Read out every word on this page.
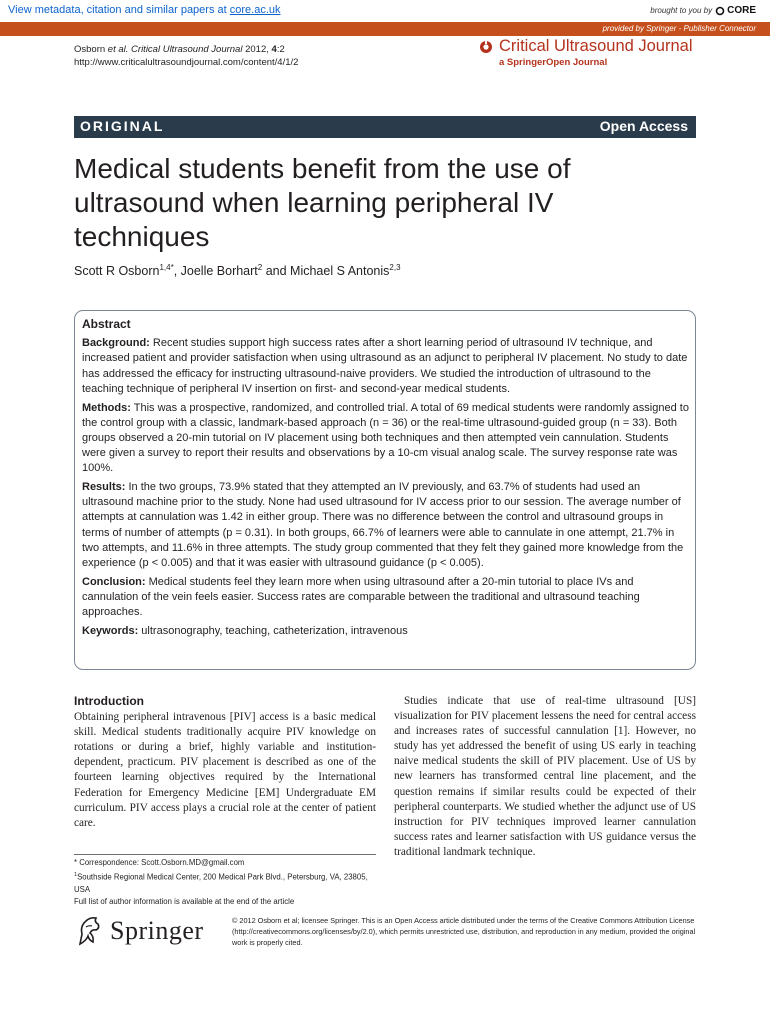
View metadata, citation and similar papers at core.ac.uk	brought to you by CORE
provided by Springer - Publisher Connector
Osborn et al. Critical Ultrasound Journal 2012, 4:2
http://www.criticalultrasoundjournal.com/content/4/1/2
Critical Ultrasound Journal
a SpringerOpen Journal
ORIGINAL	Open Access
Medical students benefit from the use of ultrasound when learning peripheral IV techniques
Scott R Osborn$^{1,4*}$, Joelle Borhart$^2$ and Michael S Antonis$^{2,3}$
Abstract

Background: Recent studies support high success rates after a short learning period of ultrasound IV technique, and increased patient and provider satisfaction when using ultrasound as an adjunct to peripheral IV placement. No study to date has addressed the efficacy for instructing ultrasound-naive providers. We studied the introduction of ultrasound to the teaching technique of peripheral IV insertion on first- and second-year medical students.

Methods: This was a prospective, randomized, and controlled trial. A total of 69 medical students were randomly assigned to the control group with a classic, landmark-based approach (n = 36) or the real-time ultrasound-guided group (n = 33). Both groups observed a 20-min tutorial on IV placement using both techniques and then attempted vein cannulation. Students were given a survey to report their results and observations by a 10-cm visual analog scale. The survey response rate was 100%.

Results: In the two groups, 73.9% stated that they attempted an IV previously, and 63.7% of students had used an ultrasound machine prior to the study. None had used ultrasound for IV access prior to our session. The average number of attempts at cannulation was 1.42 in either group. There was no difference between the control and ultrasound groups in terms of number of attempts (p = 0.31). In both groups, 66.7% of learners were able to cannulate in one attempt, 21.7% in two attempts, and 11.6% in three attempts. The study group commented that they felt they gained more knowledge from the experience (p < 0.005) and that it was easier with ultrasound guidance (p < 0.005).

Conclusion: Medical students feel they learn more when using ultrasound after a 20-min tutorial to place IVs and cannulation of the vein feels easier. Success rates are comparable between the traditional and ultrasound teaching approaches.

Keywords: ultrasonography, teaching, catheterization, intravenous

Introduction

Obtaining peripheral intravenous [PIV] access is a basic medical skill. Medical students traditionally acquire PIV knowledge on rotations or during a brief, highly variable and institution-dependent, practicum. PIV placement is described as one of the fourteen learning objectives required by the International Federation for Emergency Medicine [EM] Undergraduate EM curriculum. PIV access plays a crucial role at the center of patient care.

Studies indicate that use of real-time ultrasound [US] visualization for PIV placement lessens the need for central access and increases rates of successful cannulation [1]. However, no study has yet addressed the benefit of using US early in teaching naive medical students the skill of PIV placement. Use of US by new learners has transformed central line placement, and the question remains if similar results could be expected of their peripheral counterparts. We studied whether the adjunct use of US instruction for PIV techniques improved learner cannulation success rates and learner satisfaction with US guidance versus the traditional landmark technique.

* Correspondence: Scott.Osborn.MD@gmail.com
$^1$Southside Regional Medical Center, 200 Medical Park Blvd., Petersburg, VA, 23805, USA
Full list of author information is available at the end of the article
Springer	© 2012 Osborn et al; licensee Springer. This is an Open Access article distributed under the terms of the Creative Commons Attribution License (http://creativecommons.org/licenses/by/2.0), which permits unrestricted use, distribution, and reproduction in any medium, provided the original work is properly cited.
